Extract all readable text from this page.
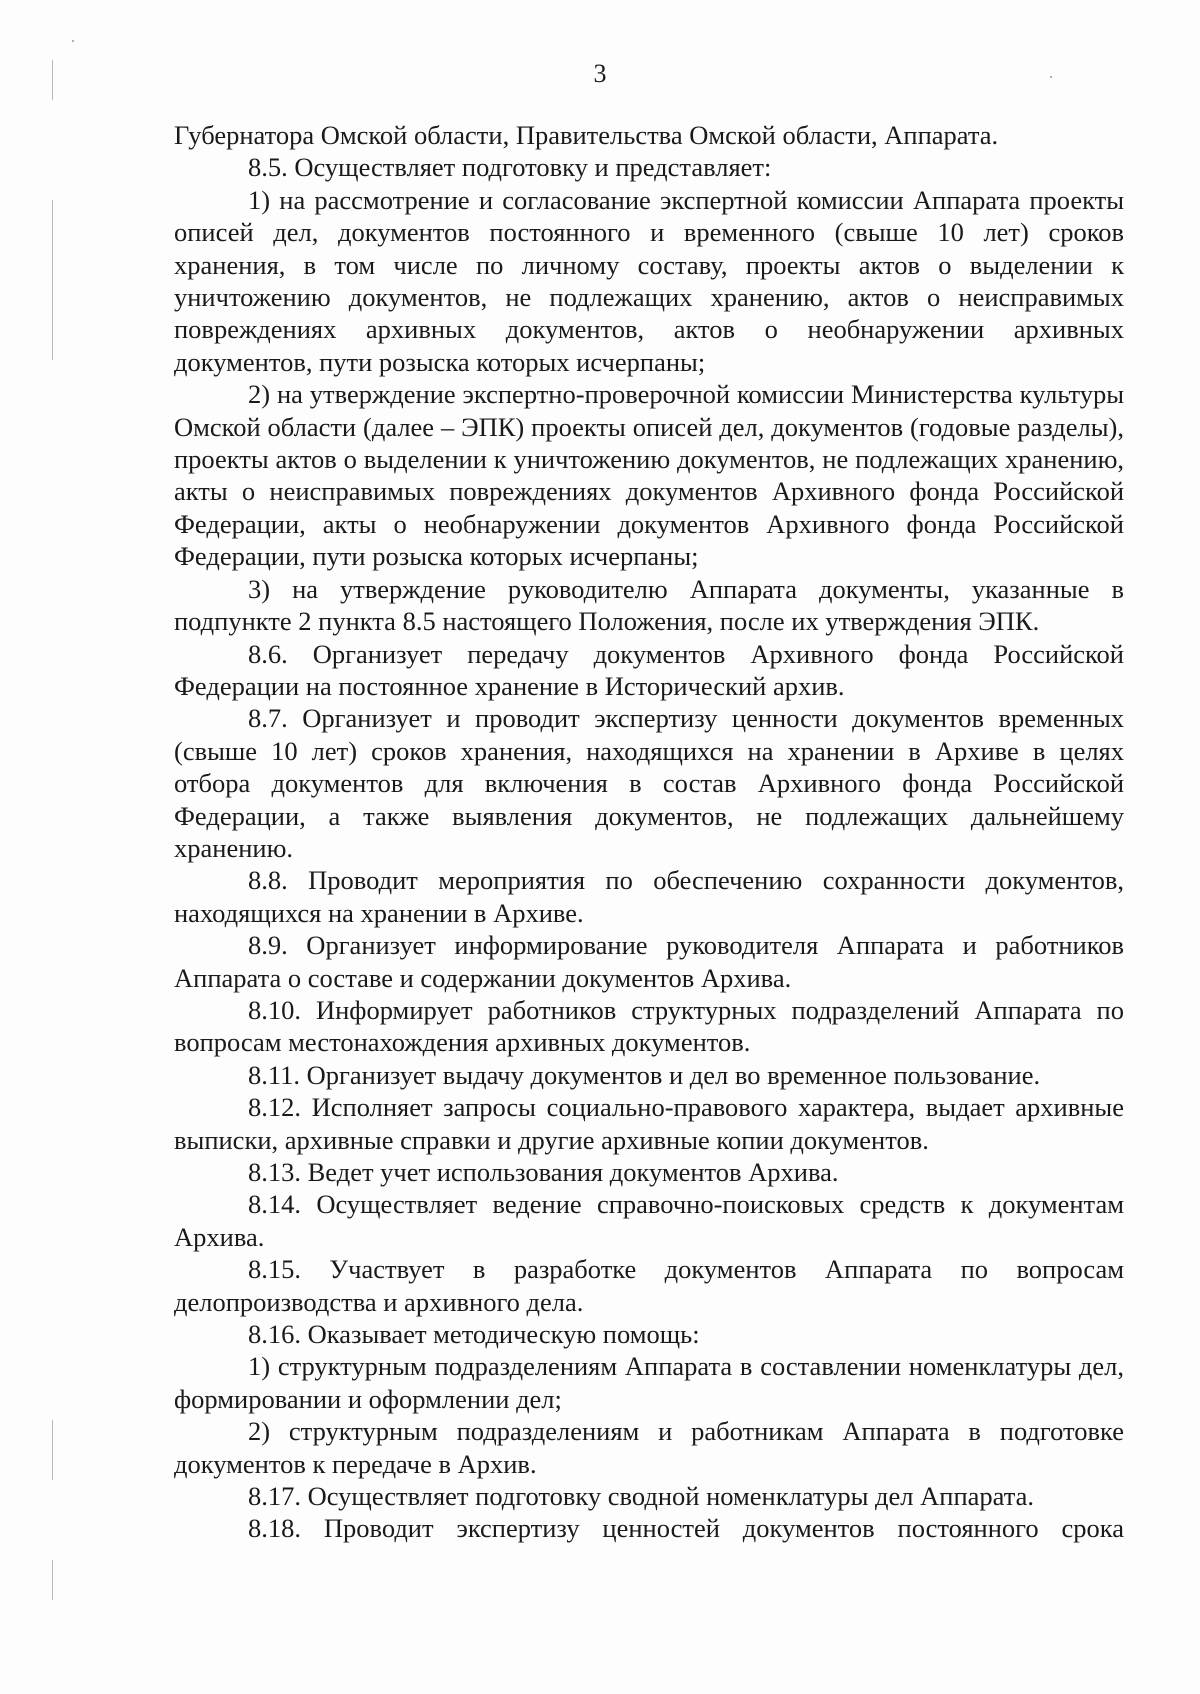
3

Губернатора Омской области, Правительства Омской области, Аппарата.

8.5. Осуществляет подготовку и представляет:

1) на рассмотрение и согласование экспертной комиссии Аппарата проекты описей дел, документов постоянного и временного (свыше 10 лет) сроков хранения, в том числе по личному составу, проекты актов о выделении к уничтожению документов, не подлежащих хранению, актов о неисправимых повреждениях архивных документов, актов о необнаружении архивных документов, пути розыска которых исчерпаны;

2) на утверждение экспертно-проверочной комиссии Министерства культуры Омской области (далее – ЭПК) проекты описей дел, документов (годовые разделы), проекты актов о выделении к уничтожению документов, не подлежащих хранению, акты о неисправимых повреждениях документов Архивного фонда Российской Федерации, акты о необнаружении документов Архивного фонда Российской Федерации, пути розыска которых исчерпаны;

3) на утверждение руководителю Аппарата документы, указанные в подпункте 2 пункта 8.5 настоящего Положения, после их утверждения ЭПК.

8.6. Организует передачу документов Архивного фонда Российской Федерации на постоянное хранение в Исторический архив.

8.7. Организует и проводит экспертизу ценности документов временных (свыше 10 лет) сроков хранения, находящихся на хранении в Архиве в целях отбора документов для включения в состав Архивного фонда Российской Федерации, а также выявления документов, не подлежащих дальнейшему хранению.

8.8. Проводит мероприятия по обеспечению сохранности документов, находящихся на хранении в Архиве.

8.9. Организует информирование руководителя Аппарата и работников Аппарата о составе и содержании документов Архива.

8.10. Информирует работников структурных подразделений Аппарата по вопросам местонахождения архивных документов.

8.11. Организует выдачу документов и дел во временное пользование.

8.12. Исполняет запросы социально-правового характера, выдает архивные выписки, архивные справки и другие архивные копии документов.

8.13. Ведет учет использования документов Архива.

8.14. Осуществляет ведение справочно-поисковых средств к документам Архива.

8.15. Участвует в разработке документов Аппарата по вопросам делопроизводства и архивного дела.

8.16. Оказывает методическую помощь:

1) структурным подразделениям Аппарата в составлении номенклатуры дел, формировании и оформлении дел;

2) структурным подразделениям и работникам Аппарата в подготовке документов к передаче в Архив.

8.17. Осуществляет подготовку сводной номенклатуры дел Аппарата.

8.18. Проводит экспертизу ценностей документов постоянного срока
